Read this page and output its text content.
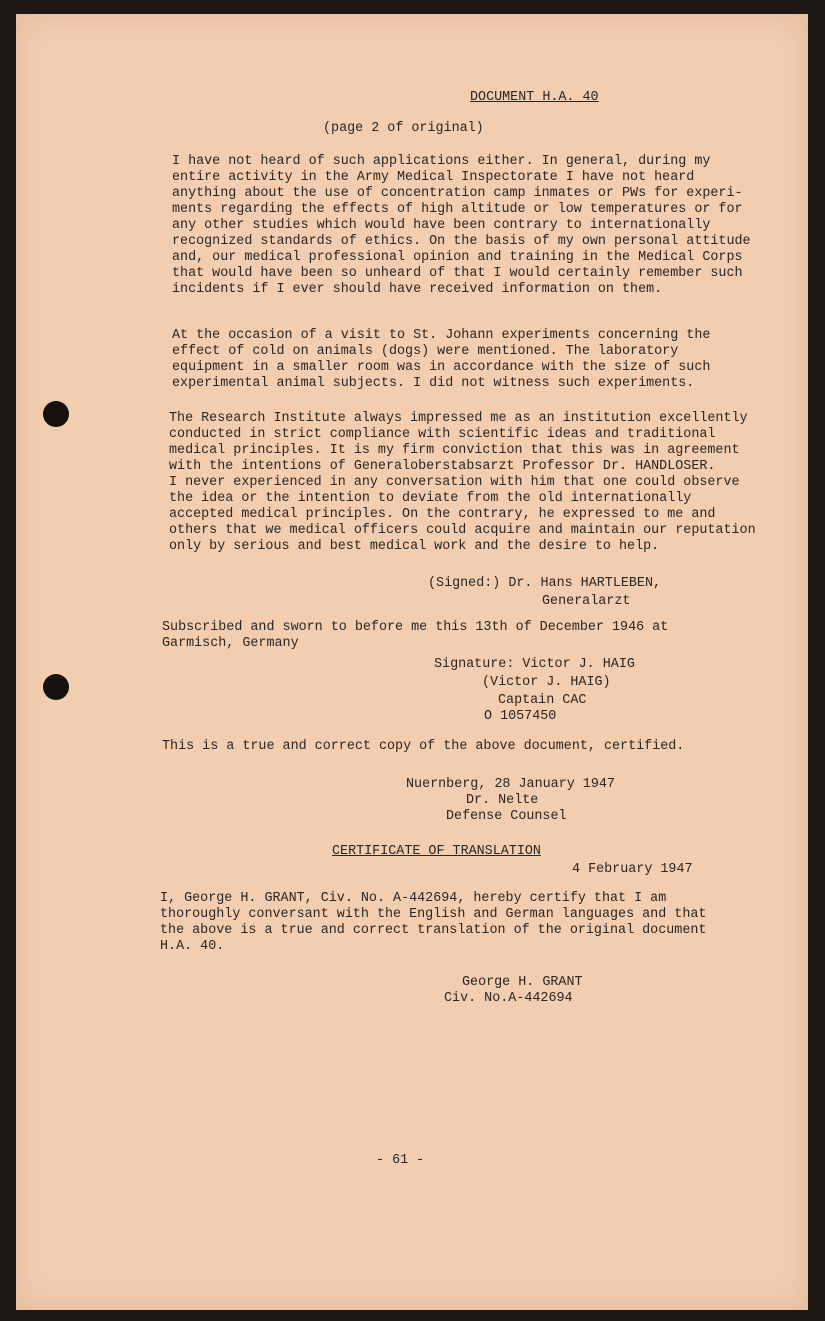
DOCUMENT H.A. 40

(page 2 of original)

I have not heard of such applications either. In general, during my
entire activity in the Army Medical Inspectorate I have not heard
anything about the use of concentration camp inmates or PWs for experi-
ments regarding the effects of high altitude or low temperatures or for
any other studies which would have been contrary to internationally
recognized standards of ethics. On the basis of my own personal attitude
and, our medical professional opinion and training in the Medical Corps
that would have been so unheard of that I would certainly remember such
incidents if I ever should have received information on them.
At the occasion of a visit to St. Johann experiments concerning the
effect of cold on animals (dogs) were mentioned. The laboratory
equipment in a smaller room was in accordance with the size of such
experimental animal subjects. I did not witness such experiments.
The Research Institute always impressed me as an institution excellently
conducted in strict compliance with scientific ideas and traditional
medical principles. It is my firm conviction that this was in agreement
with the intentions of Generaloberstabsarzt Professor Dr. HANDLOSER.
I never experienced in any conversation with him that one could observe
the idea or the intention to deviate from the old internationally
accepted medical principles. On the contrary, he expressed to me and
others that we medical officers could acquire and maintain our reputation
only by serious and best medical work and the desire to help.

(Signed:) Dr. Hans HARTLEBEN,

Generalarzt

Subscribed and sworn to before me this 13th of December 1946 at
Garmisch, Germany

Signature: Victor J. HAIG

(Victor J. HAIG)

Captain CAC

O 1057450

This is a true and correct copy of the above document, certified.

Nuernberg, 28 January 1947

Dr. Nelte

Defense Counsel

CERTIFICATE OF TRANSLATION

4 February 1947

I, George H. GRANT, Civ. No. A-442694, hereby certify that I am
thoroughly conversant with the English and German languages and that
the above is a true and correct translation of the original document
H.A. 40.

George H. GRANT

Civ. No.A-442694

- 61 -
